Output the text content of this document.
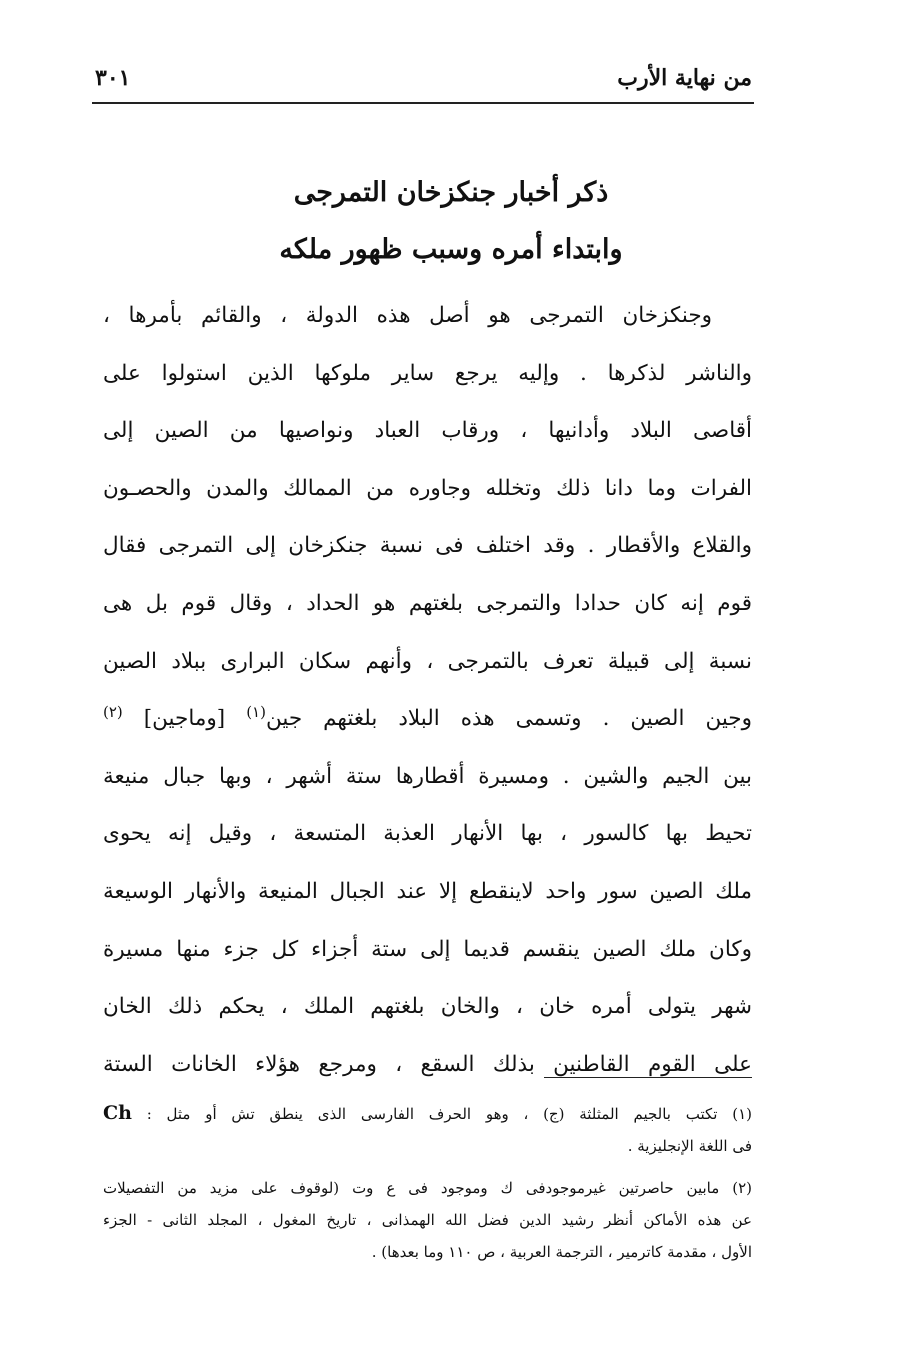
من نهاية الأرب
٣٠١
ذكر أخبار جنكزخان التمرجى
وابتداء أمره وسبب ظهور ملكه
وجنكزخان التمرجى هو أصل هذه الدولة ، والقائم بأمرها ،
والناشر لذكرها . وإليه يرجع ساير ملوكها الذين استولوا على
أقاصى البلاد وأدانيها ، ورقاب العباد ونواصيها من الصين إلى
الفرات وما دانا ذلك وتخلله وجاوره من الممالك والمدن والحصـون
والقلاع والأقطار . وقد اختلف فى نسبة جنكزخان إلى التمرجى فقال
قوم إنه كان حدادا والتمرجى بلغتهم هو الحداد ، وقال قوم بل هى
نسبة إلى قبيلة تعرف بالتمرجى ، وأنهم سكان البرارى ببلاد الصين
وجين الصين . وتسمى هذه البلاد بلغتهم جين$^{(١)}$ [وماجين] $^{(٢)}$
بين الجيم والشين . ومسيرة أقطارها ستة أشهر ، وبها جبال منيعة
تحيط بها كالسور ، بها الأنهار العذبة المتسعة ، وقيل إنه يحوى
ملك الصين سور واحد لاينقطع إلا عند الجبال المنيعة والأنهار الوسيعة
وكان ملك الصين ينقسم قديما إلى ستة أجزاء كل جزء منها مسيرة
شهر يتولى أمره خان ، والخان بلغتهم الملك ، يحكم ذلك الخان
على القوم القاطنين بذلك السقع ، ومرجع هؤلاء الخانات الستة
(١) تكتب بالجيم المثلثة (ج) ، وهو الحرف الفارسى الذى ينطق تش أو مثل : Ch
فى اللغة الإنجليزية .
(٢) مابين حاصرتين غيرموجودفى ك وموجود فى ع وت (لوقوف على مزيد من التفصيلات
عن هذه الأماكن أنظر رشيد الدين فضل الله الهمذانى ، تاريخ المغول ، المجلد الثانى - الجزء
الأول ، مقدمة كاترمير ، الترجمة العربية ، ص ١١٠ وما بعدها) .
